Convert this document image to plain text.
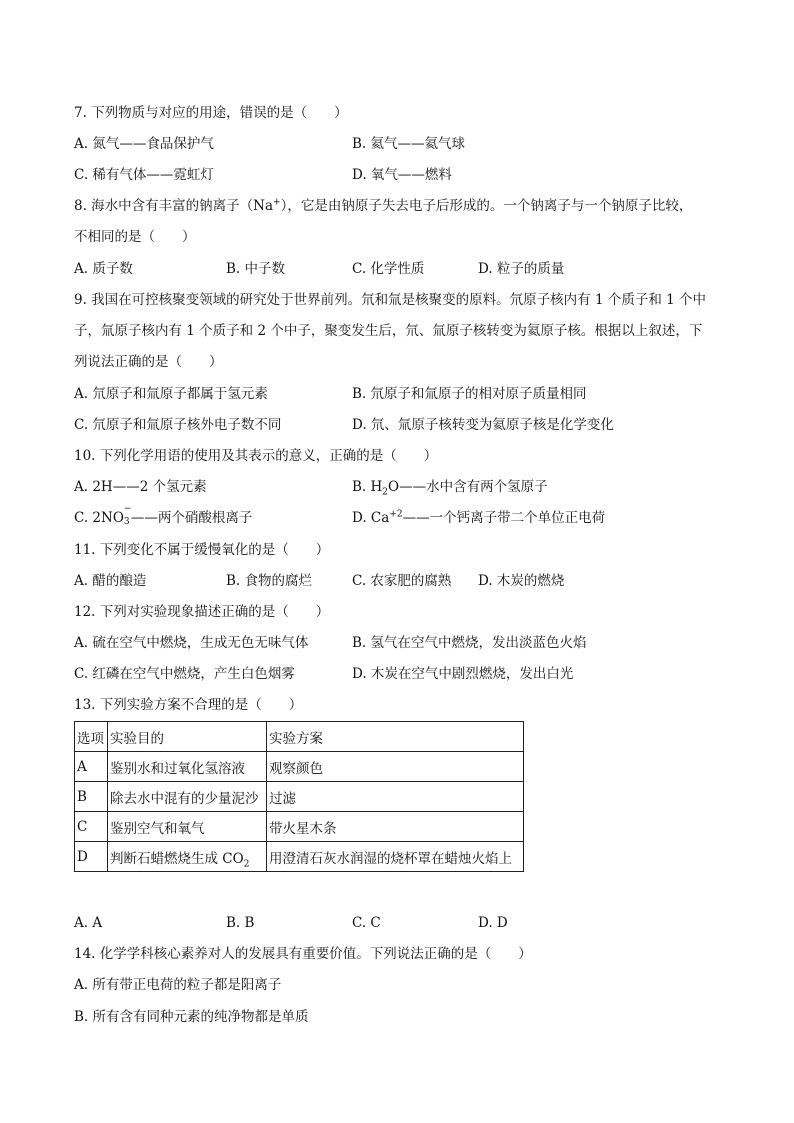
7. 下列物质与对应的用途，错误的是（　　）
A. 氮气——食品保护气	B. 氦气——氦气球
C. 稀有气体——霓虹灯	D. 氧气——燃料
8. 海水中含有丰富的钠离子（Na+），它是由钠原子失去电子后形成的。一个钠离子与一个钠原子比较，
不相同的是（　　）
A. 质子数	B. 中子数	C. 化学性质	D. 粒子的质量
9. 我国在可控核聚变领域的研究处于世界前列。氘和氚是核聚变的原料。氘原子核内有 1 个质子和 1 个中
子，氚原子核内有 1 个质子和 2 个中子，聚变发生后，氘、氚原子核转变为氦原子核。根据以上叙述，下
列说法正确的是（　　）
A. 氘原子和氚原子都属于氢元素	B. 氘原子和氚原子的相对原子质量相同
C. 氘原子和氚原子核外电子数不同	D. 氘、氚原子核转变为氦原子核是化学变化
10. 下列化学用语的使用及其表示的意义，正确的是（　　）
A. 2H——2 个氢元素	B. $H_2O——$水中含有两个氢原子
C. 2NO
−
3 ——两个硝酸根离子	D. $Ca^{+2}——$一个钙离子带二个单位正电荷
11. 下列变化不属于缓慢氧化的是（　　）
A. 醋的酿造	B. 食物的腐烂	C. 农家肥的腐熟 D. 木炭的燃烧
12. 下列对实验现象描述正确的是（　　）
A. 硫在空气中燃烧，生成无色无味气体	B. 氢气在空气中燃烧，发出淡蓝色火焰
C. 红磷在空气中燃烧，产生白色烟雾	D. 木炭在空气中剧烈燃烧，发出白光
13. 下列实验方案不合理的是（　　）
选项	实验目的	实验方案
A	鉴别水和过氧化氢溶液	观察颜色
B	除去水中混有的少量泥沙	过滤
C	鉴别空气和氧气	带火星木条
D	判断石蜡燃烧生成 $CO_2$	用澄清石灰水润湿的烧杯罩在蜡烛火焰上
A. A	B. B	C. C	D. D
14. 化学学科核心素养对人的发展具有重要价值。下列说法正确的是（　　）
A. 所有带正电荷的粒子都是阳离子
B. 所有含有同种元素的纯净物都是单质
